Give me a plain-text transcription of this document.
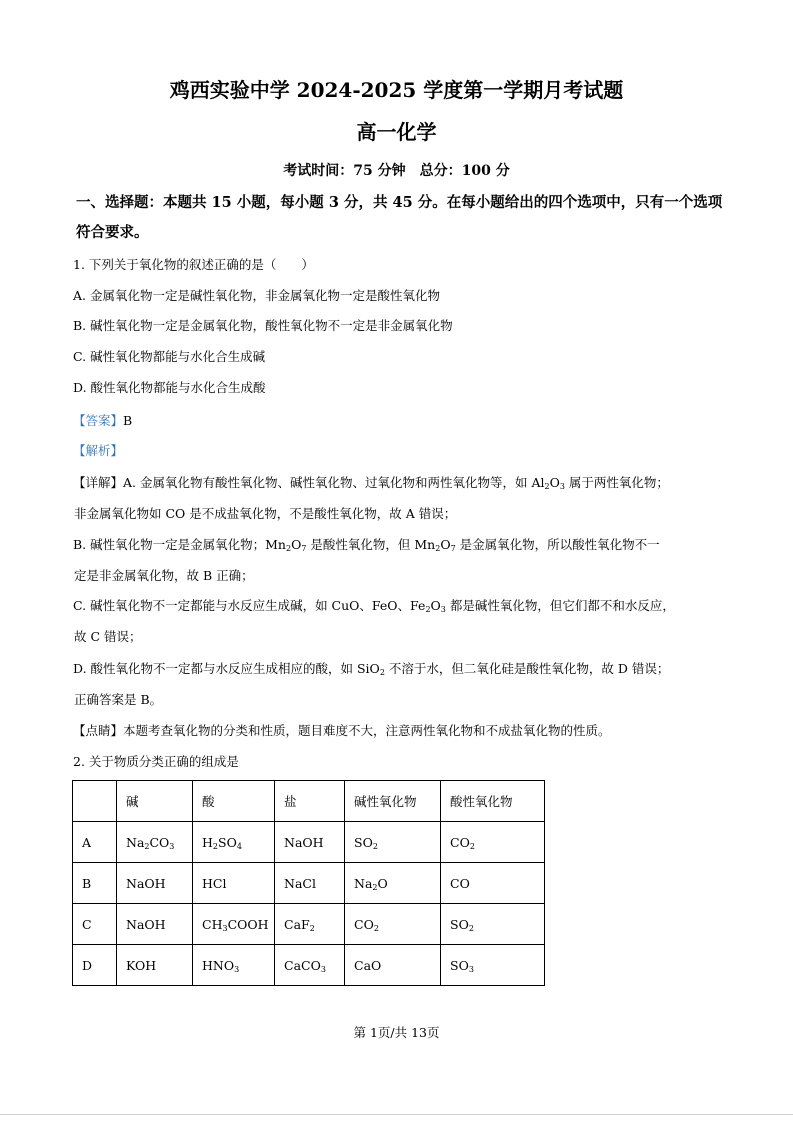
鸡西实验中学 2024-2025 学度第一学期月考试题
高一化学
考试时间：75 分钟　总分：100 分
一、选择题：本题共 15 小题，每小题 3 分，共 45 分。在每小题给出的四个选项中，只有一个选项符合要求。
1. 下列关于氧化物的叙述正确的是（　　）
A. 金属氧化物一定是碱性氧化物，非金属氧化物一定是酸性氧化物
B. 碱性氧化物一定是金属氧化物，酸性氧化物不一定是非金属氧化物
C. 碱性氧化物都能与水化合生成碱
D. 酸性氧化物都能与水化合生成酸
【答案】B
【解析】
【详解】A. 金属氧化物有酸性氧化物、碱性氧化物、过氧化物和两性氧化物等，如 $Al_2O_3$ 属于两性氧化物；
非金属氧化物如 CO 是不成盐氧化物，不是酸性氧化物，故 A 错误；
B. 碱性氧化物一定是金属氧化物；$Mn_2O_7$ 是酸性氧化物，但 $Mn_2O_7$ 是金属氧化物，所以酸性氧化物不一
定是非金属氧化物，故 B 正确；
C. 碱性氧化物不一定都能与水反应生成碱，如 CuO、FeO、$Fe_2O_3$ 都是碱性氧化物，但它们都不和水反应，
故 C 错误；
D. 酸性氧化物不一定都与水反应生成相应的酸，如 SiO$_2$ 不溶于水，但二氧化硅是酸性氧化物，故 D 错误；
正确答案是 B。
【点睛】本题考查氧化物的分类和性质，题目难度不大，注意两性氧化物和不成盐氧化物的性质。
2. 关于物质分类正确的组成是
	碱	酸	盐	碱性氧化物	酸性氧化物
A	$Na_2CO_3$	$H_2SO_4$	NaOH	$SO_2$	$CO_2$
B	NaOH	HCl	NaCl	$Na_2O$	CO
C	NaOH	$CH_3COOH$	CaF$_2$	$CO_2$	$SO_2$
D	KOH	$HNO_3$	CaCO$_3$	CaO	$SO_3$
第 1页/共 13页
